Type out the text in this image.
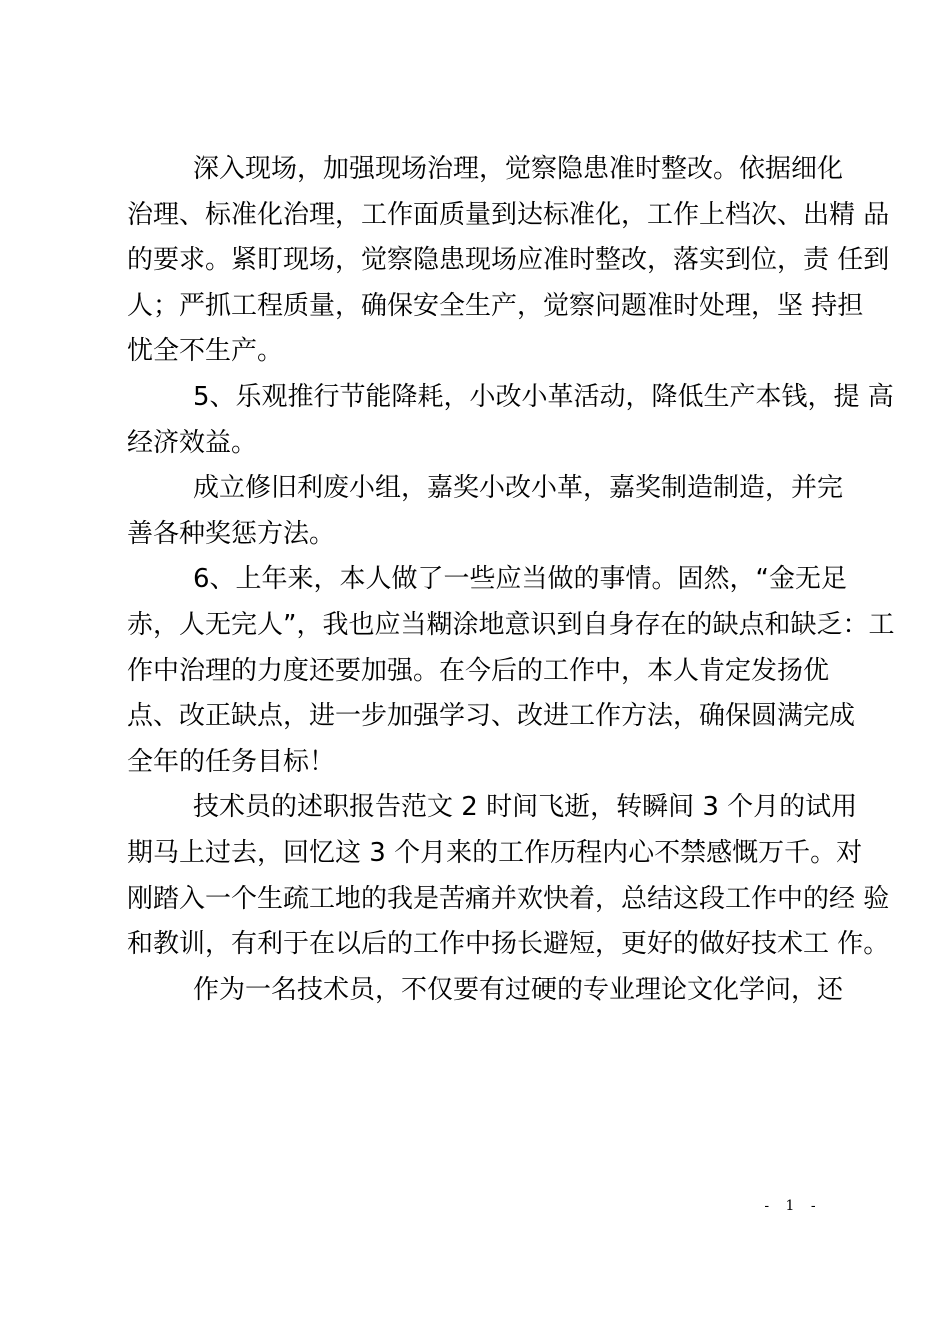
深入现场，加强现场治理，觉察隐患准时整改。依据细化
治理、标准化治理，工作面质量到达标准化，工作上档次、出精 品
的要求。紧盯现场，觉察隐患现场应准时整改，落实到位，责 任到
人；严抓工程质量，确保安全生产，觉察问题准时处理，坚 持担
忧全不生产。

5、乐观推行节能降耗，小改小革活动，降低生产本钱，提 高
经济效益。

成立修旧利废小组，嘉奖小改小革，嘉奖制造制造，并完
善各种奖惩方法。

6、上年来，本人做了一些应当做的事情。固然，“金无足
赤，人无完人”，我也应当糊涂地意识到自身存在的缺点和缺乏：工
作中治理的力度还要加强。在今后的工作中，本人肯定发扬优
点、改正缺点，进一步加强学习、改进工作方法，确保圆满完成
全年的任务目标！

技术员的述职报告范文 2 时间飞逝，转瞬间 3 个月的试用
期马上过去，回忆这 3 个月来的工作历程内心不禁感慨万千。对
刚踏入一个生疏工地的我是苦痛并欢快着，总结这段工作中的经 验
和教训，有利于在以后的工作中扬长避短，更好的做好技术工 作。

作为一名技术员，不仅要有过硬的专业理论文化学问，还

- 1 -
